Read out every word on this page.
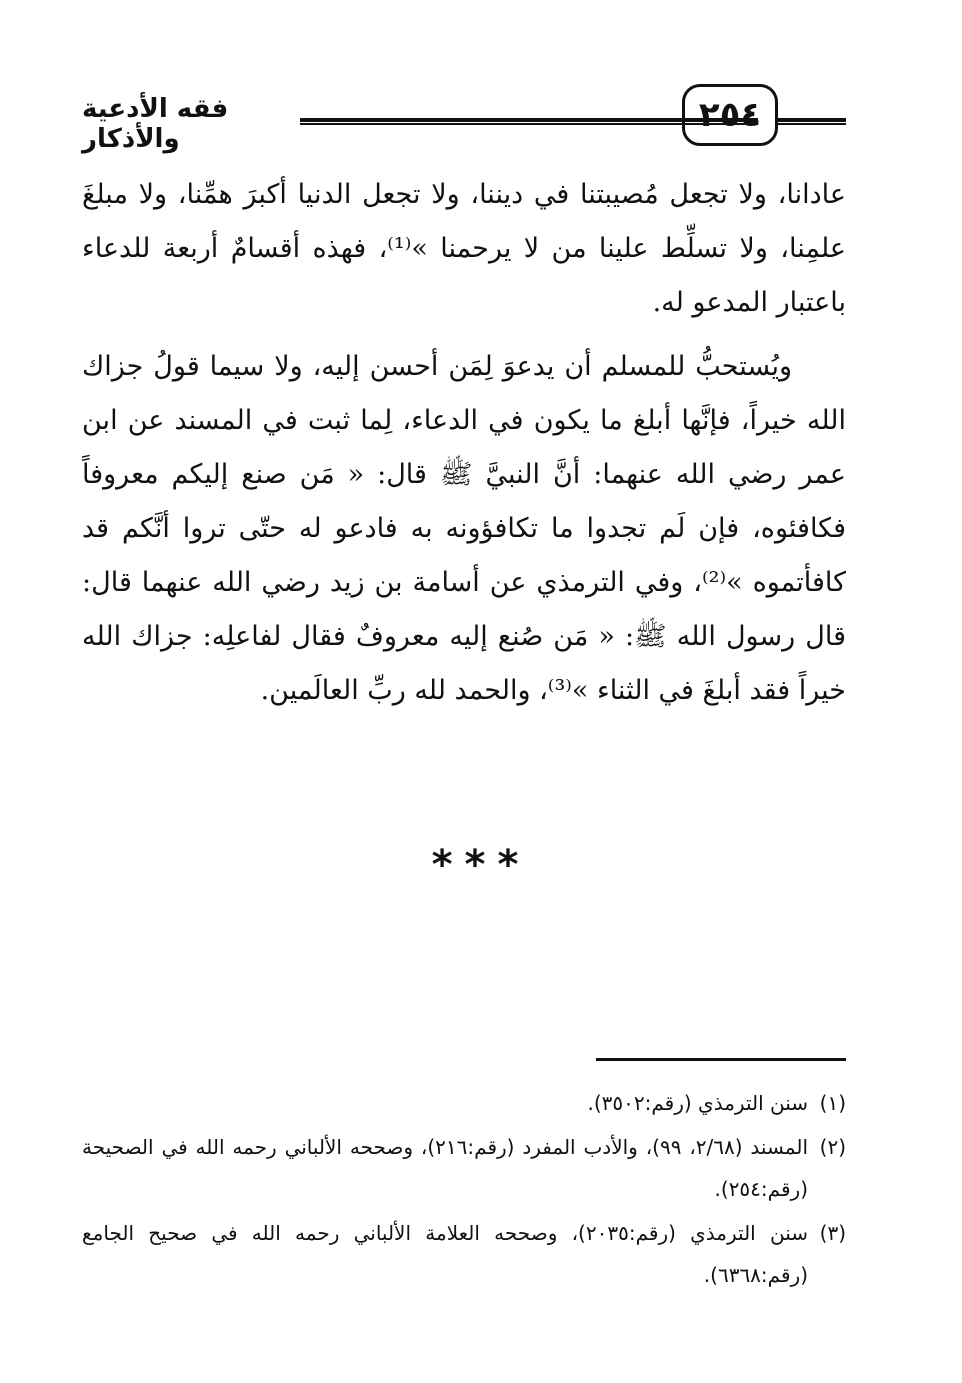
فقه الأدعية والأذكار
٢٥٤

عادانا، ولا تجعل مُصيبتنا في ديننا، ولا تجعل الدنيا أكبرَ همِّنا، ولا مبلغَ علمِنا، ولا تسلِّط علينا من لا يرحمنا »⁽¹⁾، فهذه أقسامٌ أربعة للدعاء باعتبار المدعو له.

ويُستحبُّ للمسلم أن يدعوَ لِمَن أحسن إليه، ولا سيما قولُ جزاك الله خيراً، فإنَّها أبلغ ما يكون في الدعاء، لِما ثبت في المسند عن ابن عمر رضي الله عنهما: أنَّ النبيَّ ﷺ قال: « مَن صنع إليكم معروفاً فكافئوه، فإن لَم تجدوا ما تكافؤونه به فادعو له حتّى تروا أنَّكم قد كافأتموه »⁽²⁾، وفي الترمذي عن أسامة بن زيد رضي الله عنهما قال: قال رسول الله ﷺ: « مَن صُنع إليه معروفٌ فقال لفاعلِه: جزاك الله خيراً فقد أبلغَ في الثناء »⁽³⁾، والحمد لله ربِّ العالَمين.

***

(١)سنن الترمذي (رقم:٣٥٠٢).

(٢)المسند (٢/٦٨، ٩٩)، والأدب المفرد (رقم:٢١٦)، وصححه الألباني رحمه الله في الصحيحة (رقم:٢٥٤).

(٣)سنن الترمذي (رقم:٢٠٣٥)، وصححه العلامة الألباني رحمه الله في صحيح الجامع (رقم:٦٣٦٨).
